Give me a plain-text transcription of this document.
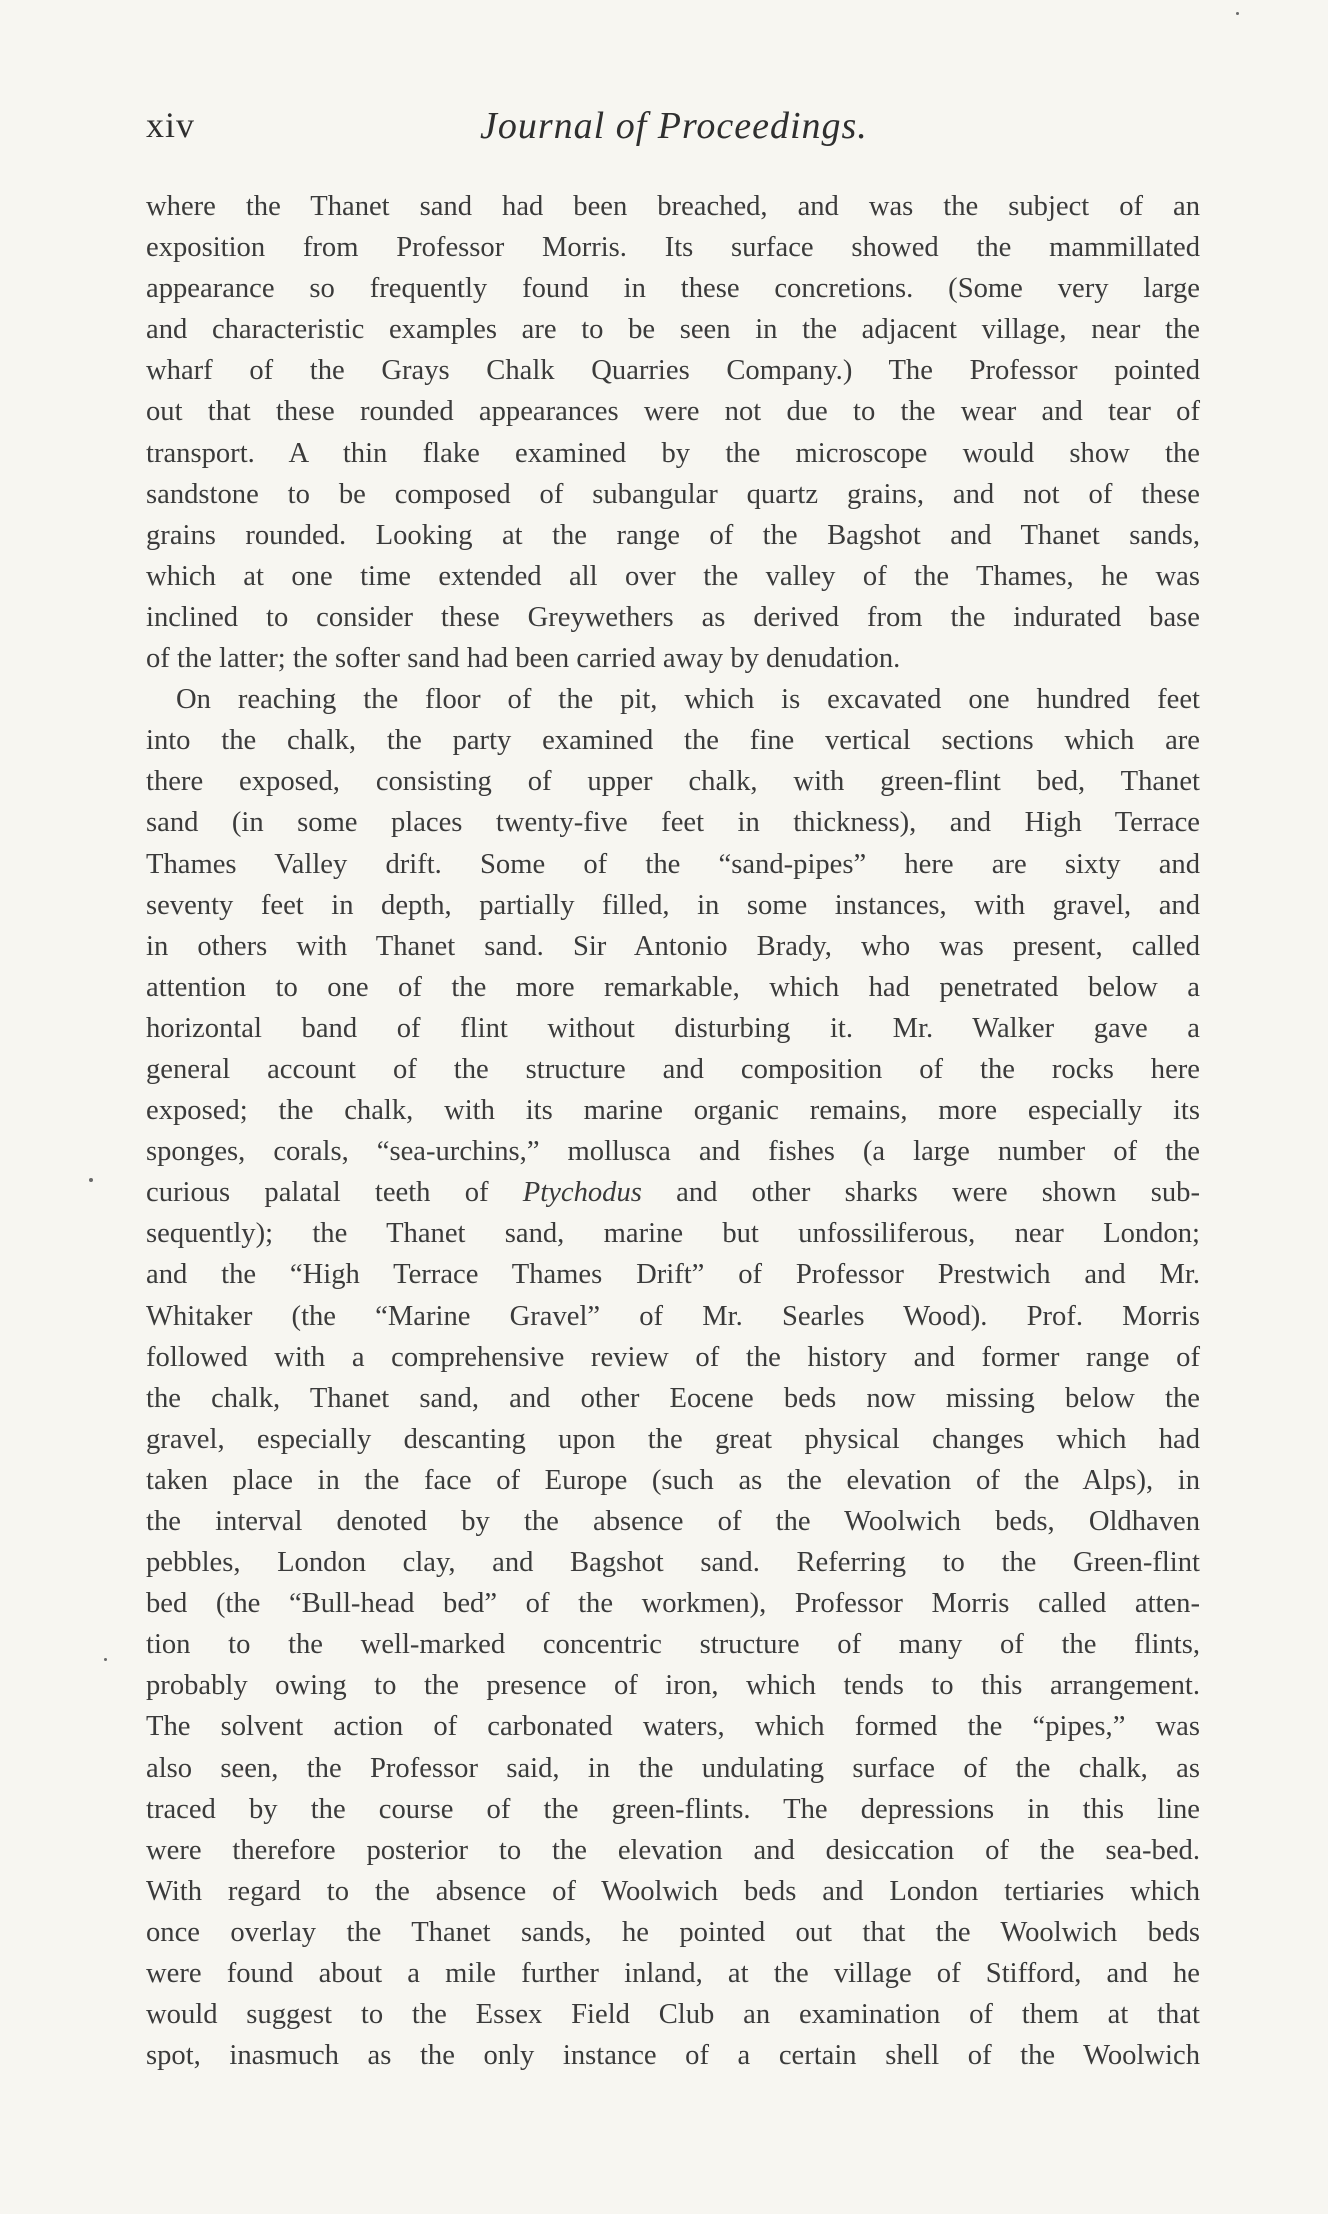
xiv	Journal of Proceedings.
where the Thanet sand had been breached, and was the subject of an
exposition from Professor Morris. Its surface showed the mammillated
appearance so frequently found in these concretions. (Some very large
and characteristic examples are to be seen in the adjacent village, near the
wharf of the Grays Chalk Quarries Company.) The Professor pointed
out that these rounded appearances were not due to the wear and tear of
transport. A thin flake examined by the microscope would show the
sandstone to be composed of subangular quartz grains, and not of these
grains rounded. Looking at the range of the Bagshot and Thanet sands,
which at one time extended all over the valley of the Thames, he was
inclined to consider these Greywethers as derived from the indurated base
of the latter; the softer sand had been carried away by denudation.
On reaching the floor of the pit, which is excavated one hundred feet
into the chalk, the party examined the fine vertical sections which are
there exposed, consisting of upper chalk, with green-flint bed, Thanet
sand (in some places twenty-five feet in thickness), and High Terrace
Thames Valley drift. Some of the “sand-pipes” here are sixty and
seventy feet in depth, partially filled, in some instances, with gravel, and
in others with Thanet sand. Sir Antonio Brady, who was present, called
attention to one of the more remarkable, which had penetrated below a
horizontal band of flint without disturbing it. Mr. Walker gave a
general account of the structure and composition of the rocks here
exposed; the chalk, with its marine organic remains, more especially its
sponges, corals, “sea-urchins,” mollusca and fishes (a large number of the
curious palatal teeth of Ptychodus and other sharks were shown sub-
sequently); the Thanet sand, marine but unfossiliferous, near London;
and the “High Terrace Thames Drift” of Professor Prestwich and Mr.
Whitaker (the “Marine Gravel” of Mr. Searles Wood). Prof. Morris
followed with a comprehensive review of the history and former range of
the chalk, Thanet sand, and other Eocene beds now missing below the
gravel, especially descanting upon the great physical changes which had
taken place in the face of Europe (such as the elevation of the Alps), in
the interval denoted by the absence of the Woolwich beds, Oldhaven
pebbles, London clay, and Bagshot sand. Referring to the Green-flint
bed (the “Bull-head bed” of the workmen), Professor Morris called atten-
tion to the well-marked concentric structure of many of the flints,
probably owing to the presence of iron, which tends to this arrangement.
The solvent action of carbonated waters, which formed the “pipes,” was
also seen, the Professor said, in the undulating surface of the chalk, as
traced by the course of the green-flints. The depressions in this line
were therefore posterior to the elevation and desiccation of the sea-bed.
With regard to the absence of Woolwich beds and London tertiaries which
once overlay the Thanet sands, he pointed out that the Woolwich beds
were found about a mile further inland, at the village of Stifford, and he
would suggest to the Essex Field Club an examination of them at that
spot, inasmuch as the only instance of a certain shell of the Woolwich
